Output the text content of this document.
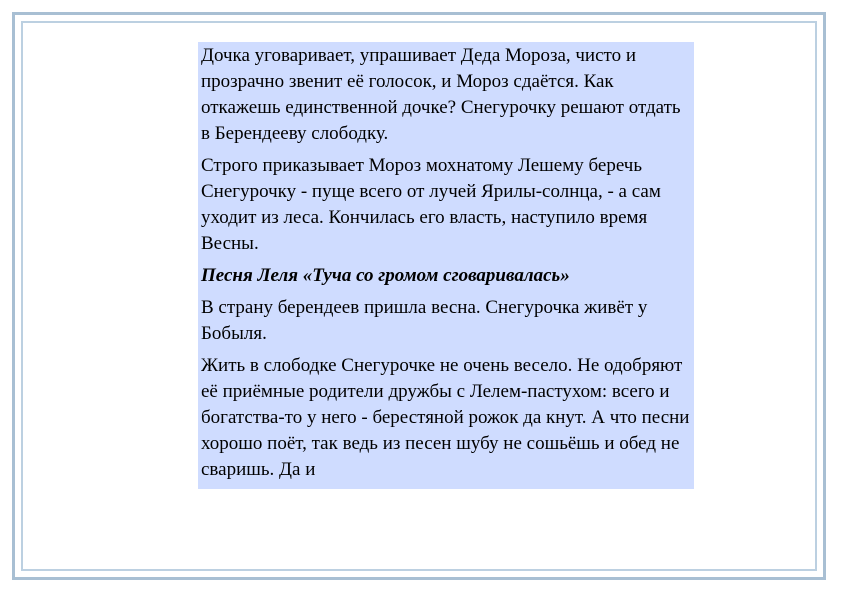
Дочка уговаривает, упрашивает Деда Мороза, чисто и прозрачно звенит её голосок, и Мороз сдаётся. Как откажешь единственной дочке? Снегурочку решают отдать в Берендееву слободку.

Строго приказывает Мороз мохнатому Лешему беречь Снегурочку - пуще всего от лучей Ярилы-солнца, - а сам уходит из леса. Кончилась его власть, наступило время Весны.

Песня Леля «Туча со громом сговаривалась»

В страну берендеев пришла весна. Снегурочка живёт у Бобыля.

Жить в слободке Снегурочке не очень весело. Не одобряют её приёмные родители дружбы с Лелем-пастухом: всего и богатства-то у него - берестяной рожок да кнут. А что песни хорошо поёт, так ведь из песен шубу не сошьёшь и обед не сваришь. Да и
